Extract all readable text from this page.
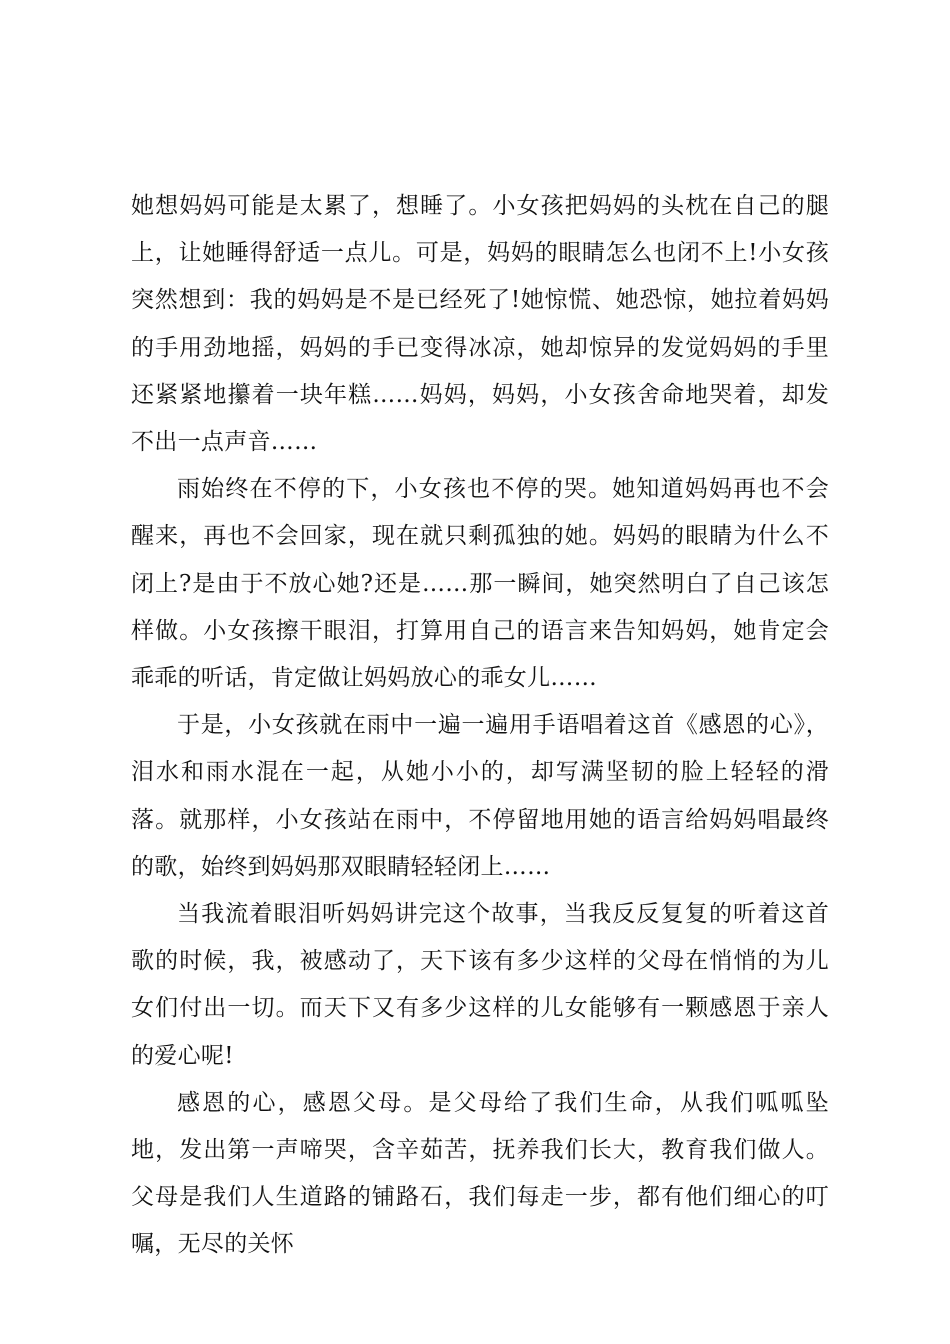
她想妈妈可能是太累了，想睡了。小女孩把妈妈的头枕在自己的腿上，让她睡得舒适一点儿。可是，妈妈的眼睛怎么也闭不上!小女孩突然想到：我的妈妈是不是已经死了!她惊慌、她恐惊，她拉着妈妈的手用劲地摇，妈妈的手已变得冰凉，她却惊异的发觉妈妈的手里还紧紧地攥着一块年糕……妈妈，妈妈，小女孩舍命地哭着，却发不出一点声音……

雨始终在不停的下，小女孩也不停的哭。她知道妈妈再也不会醒来，再也不会回家，现在就只剩孤独的她。妈妈的眼睛为什么不闭上?是由于不放心她?还是……那一瞬间，她突然明白了自己该怎样做。小女孩擦干眼泪，打算用自己的语言来告知妈妈，她肯定会乖乖的听话，肯定做让妈妈放心的乖女儿……

于是，小女孩就在雨中一遍一遍用手语唱着这首《感恩的心》，泪水和雨水混在一起，从她小小的，却写满坚韧的脸上轻轻的滑落。就那样，小女孩站在雨中，不停留地用她的语言给妈妈唱最终的歌，始终到妈妈那双眼睛轻轻闭上……

当我流着眼泪听妈妈讲完这个故事，当我反反复复的听着这首歌的时候，我，被感动了，天下该有多少这样的父母在悄悄的为儿女们付出一切。而天下又有多少这样的儿女能够有一颗感恩于亲人的爱心呢!

感恩的心，感恩父母。是父母给了我们生命，从我们呱呱坠地，发出第一声啼哭，含辛茹苦，抚养我们长大，教育我们做人。父母是我们人生道路的铺路石，我们每走一步，都有他们细心的叮嘱，无尽的关怀
